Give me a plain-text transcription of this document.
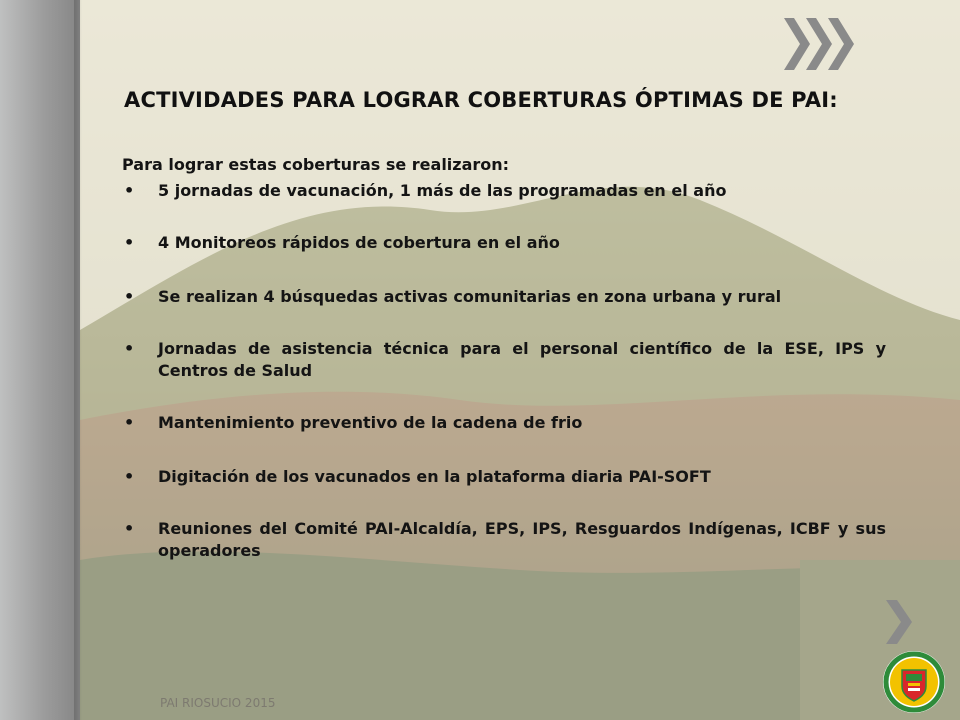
ACTIVIDADES PARA LOGRAR COBERTURAS ÓPTIMAS DE PAI:

Para lograr estas coberturas se realizaron:

• 5 jornadas de vacunación, 1 más de las programadas en el año
• 4 Monitoreos rápidos de cobertura en el año
• Se realizan 4 búsquedas activas comunitarias en zona urbana y rural
• Jornadas de asistencia técnica para el personal científico de la ESE, IPS y Centros de Salud
• Mantenimiento preventivo de la cadena de frio
• Digitación de los vacunados en la plataforma diaria PAI-SOFT
• Reuniones del Comité PAI-Alcaldía, EPS, IPS, Resguardos Indígenas, ICBF y sus operadores
PAI RIOSUCIO 2015
